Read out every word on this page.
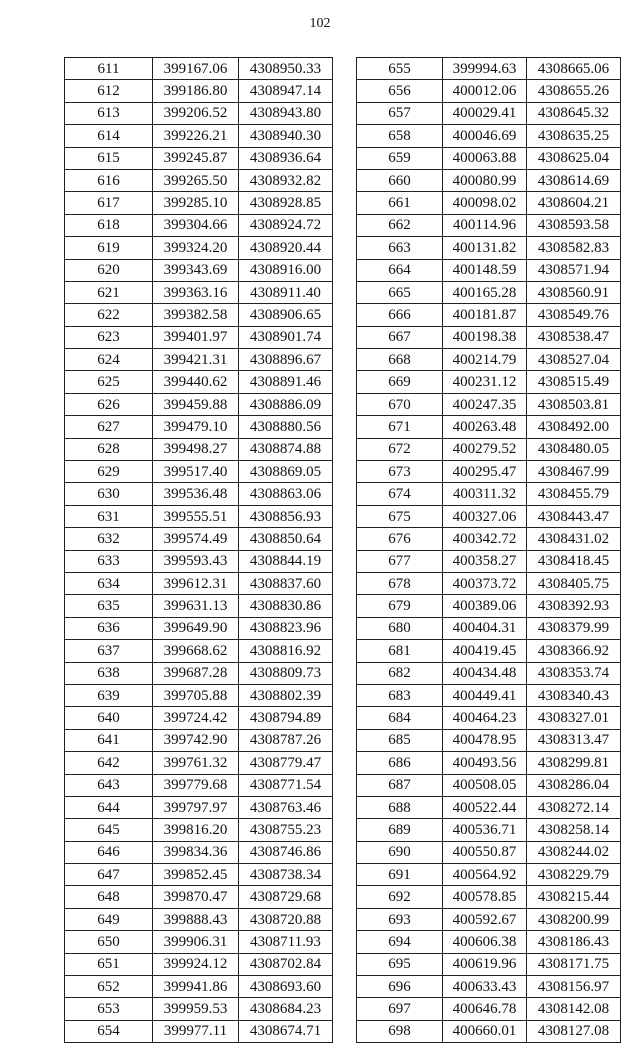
102
611	399167.06	4308950.33
612	399186.80	4308947.14
613	399206.52	4308943.80
614	399226.21	4308940.30
615	399245.87	4308936.64
616	399265.50	4308932.82
617	399285.10	4308928.85
618	399304.66	4308924.72
619	399324.20	4308920.44
620	399343.69	4308916.00
621	399363.16	4308911.40
622	399382.58	4308906.65
623	399401.97	4308901.74
624	399421.31	4308896.67
625	399440.62	4308891.46
626	399459.88	4308886.09
627	399479.10	4308880.56
628	399498.27	4308874.88
629	399517.40	4308869.05
630	399536.48	4308863.06
631	399555.51	4308856.93
632	399574.49	4308850.64
633	399593.43	4308844.19
634	399612.31	4308837.60
635	399631.13	4308830.86
636	399649.90	4308823.96
637	399668.62	4308816.92
638	399687.28	4308809.73
639	399705.88	4308802.39
640	399724.42	4308794.89
641	399742.90	4308787.26
642	399761.32	4308779.47
643	399779.68	4308771.54
644	399797.97	4308763.46
645	399816.20	4308755.23
646	399834.36	4308746.86
647	399852.45	4308738.34
648	399870.47	4308729.68
649	399888.43	4308720.88
650	399906.31	4308711.93
651	399924.12	4308702.84
652	399941.86	4308693.60
653	399959.53	4308684.23
654	399977.11	4308674.71
655	399994.63	4308665.06
656	400012.06	4308655.26
657	400029.41	4308645.32
658	400046.69	4308635.25
659	400063.88	4308625.04
660	400080.99	4308614.69
661	400098.02	4308604.21
662	400114.96	4308593.58
663	400131.82	4308582.83
664	400148.59	4308571.94
665	400165.28	4308560.91
666	400181.87	4308549.76
667	400198.38	4308538.47
668	400214.79	4308527.04
669	400231.12	4308515.49
670	400247.35	4308503.81
671	400263.48	4308492.00
672	400279.52	4308480.05
673	400295.47	4308467.99
674	400311.32	4308455.79
675	400327.06	4308443.47
676	400342.72	4308431.02
677	400358.27	4308418.45
678	400373.72	4308405.75
679	400389.06	4308392.93
680	400404.31	4308379.99
681	400419.45	4308366.92
682	400434.48	4308353.74
683	400449.41	4308340.43
684	400464.23	4308327.01
685	400478.95	4308313.47
686	400493.56	4308299.81
687	400508.05	4308286.04
688	400522.44	4308272.14
689	400536.71	4308258.14
690	400550.87	4308244.02
691	400564.92	4308229.79
692	400578.85	4308215.44
693	400592.67	4308200.99
694	400606.38	4308186.43
695	400619.96	4308171.75
696	400633.43	4308156.97
697	400646.78	4308142.08
698	400660.01	4308127.08
